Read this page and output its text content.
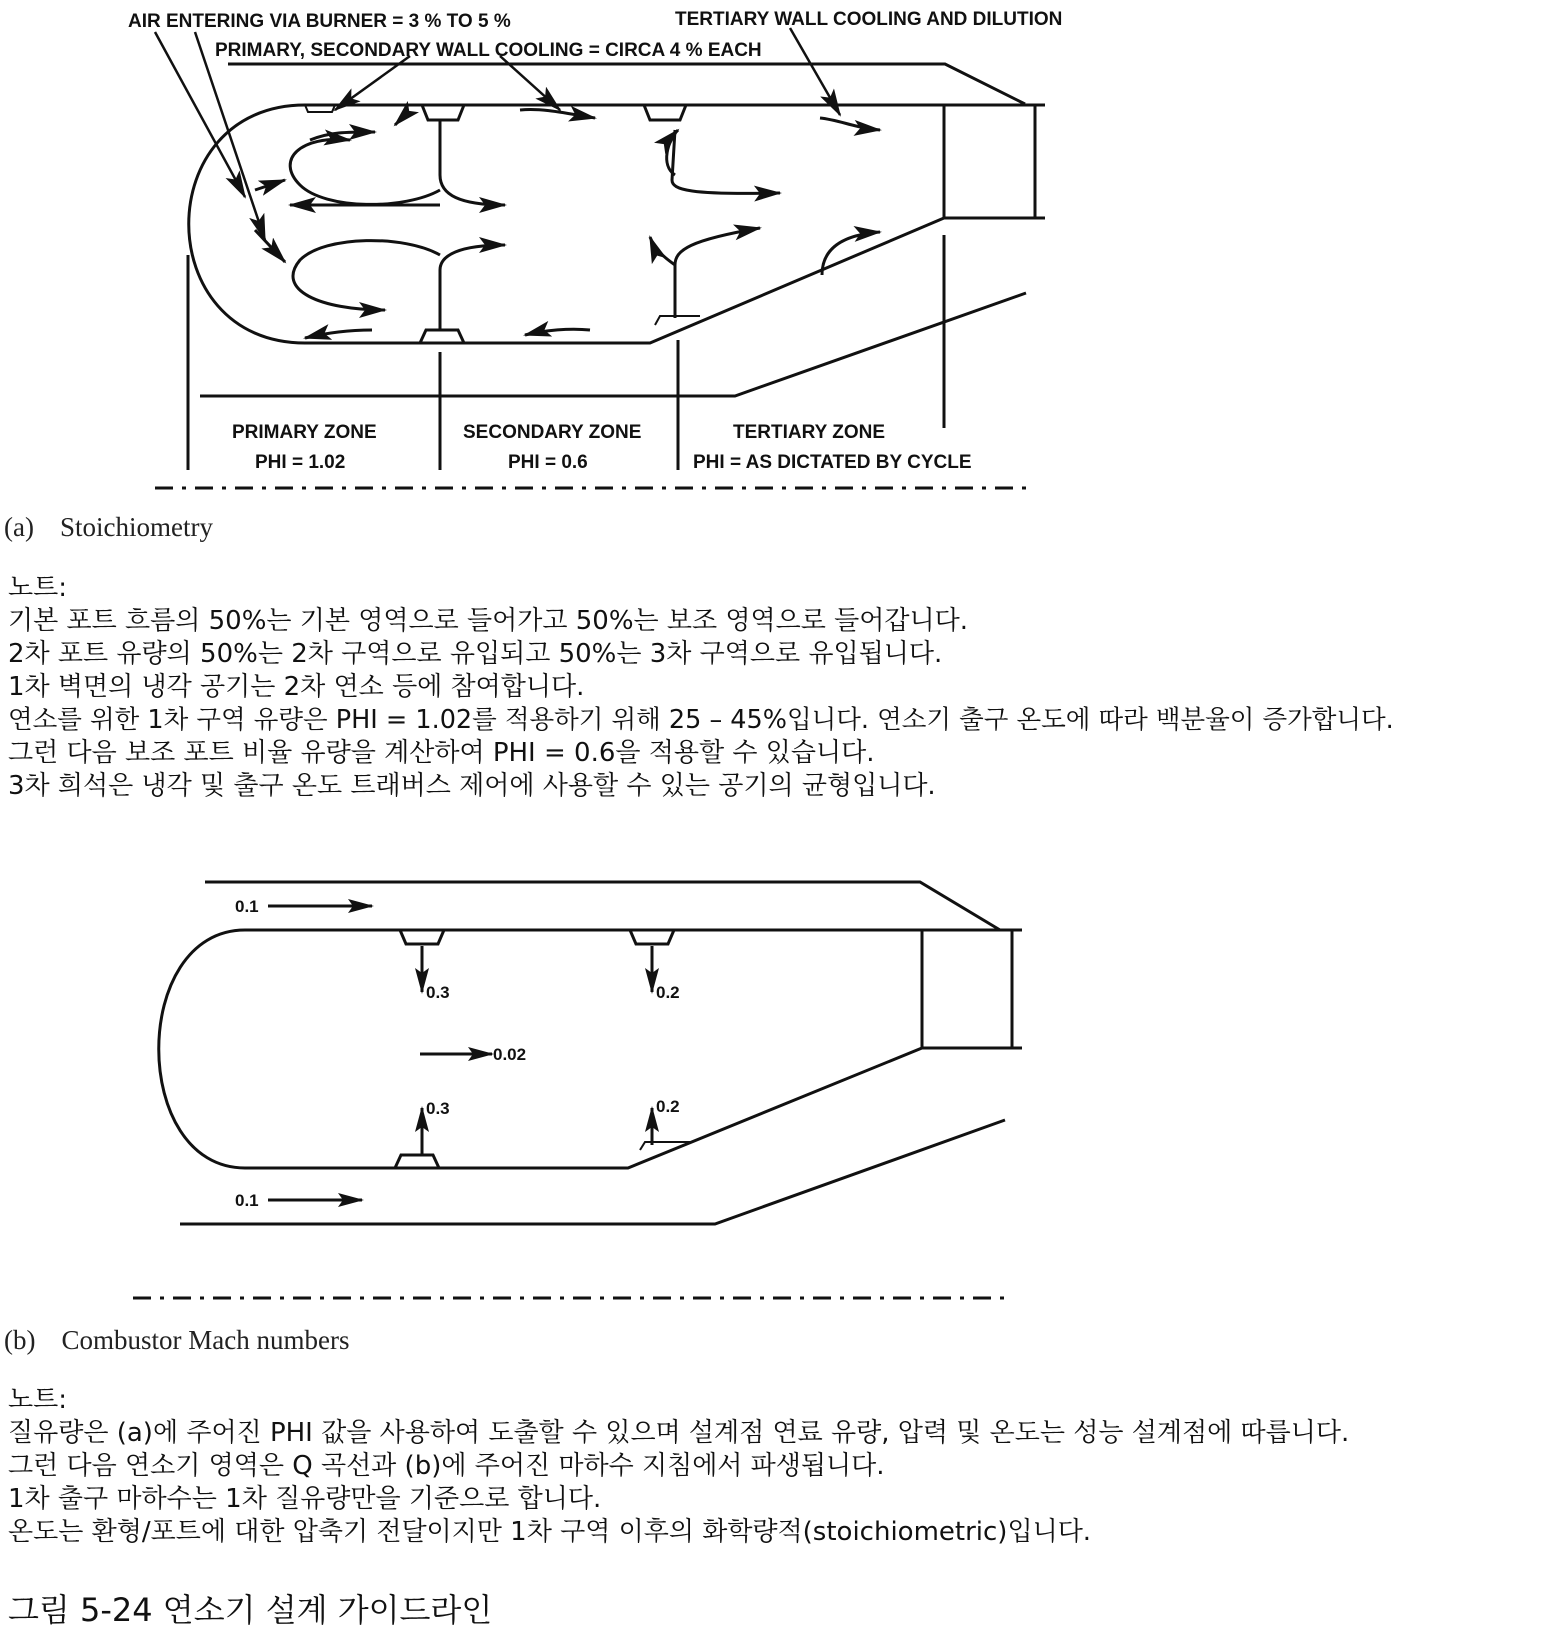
AIR ENTERING VIA BURNER = 3 % TO 5 %	TERTIARY WALL COOLING AND DILUTION
PRIMARY, SECONDARY WALL COOLING = CIRCA 4 % EACH
PRIMARY ZONE
PHI = 1.02
SECONDARY ZONE
PHI = 0.6
TERTIARY ZONE
PHI = AS DICTATED BY CYCLE
(a) Stoichiometry
노트:
기본 포트 흐름의 50%는 기본 영역으로 들어가고 50%는 보조 영역으로 들어갑니다.
2차 포트 유량의 50%는 2차 구역으로 유입되고 50%는 3차 구역으로 유입됩니다.
1차 벽면의 냉각 공기는 2차 연소 등에 참여합니다.
연소를 위한 1차 구역 유량은 PHI = 1.02를 적용하기 위해 25 – 45%입니다. 연소기 출구 온도에 따라 백분율이 증가합니다.
그런 다음 보조 포트 비율 유량을 계산하여 PHI = 0.6을 적용할 수 있습니다.
3차 희석은 냉각 및 출구 온도 트래버스 제어에 사용할 수 있는 공기의 균형입니다.
0.1
0.1
0.3
0.3
0.2
0.2
0.02
(b) Combustor Mach numbers
노트:
질유량은 (a)에 주어진 PHI 값을 사용하여 도출할 수 있으며 설계점 연료 유량, 압력 및 온도는 성능 설계점에 따릅니다.
그런 다음 연소기 영역은 Q 곡선과 (b)에 주어진 마하수 지침에서 파생됩니다.
1차 출구 마하수는 1차 질유량만을 기준으로 합니다.
온도는 환형/포트에 대한 압축기 전달이지만 1차 구역 이후의 화학량적(stoichiometric)입니다.
그림 5-24 연소기 설계 가이드라인
